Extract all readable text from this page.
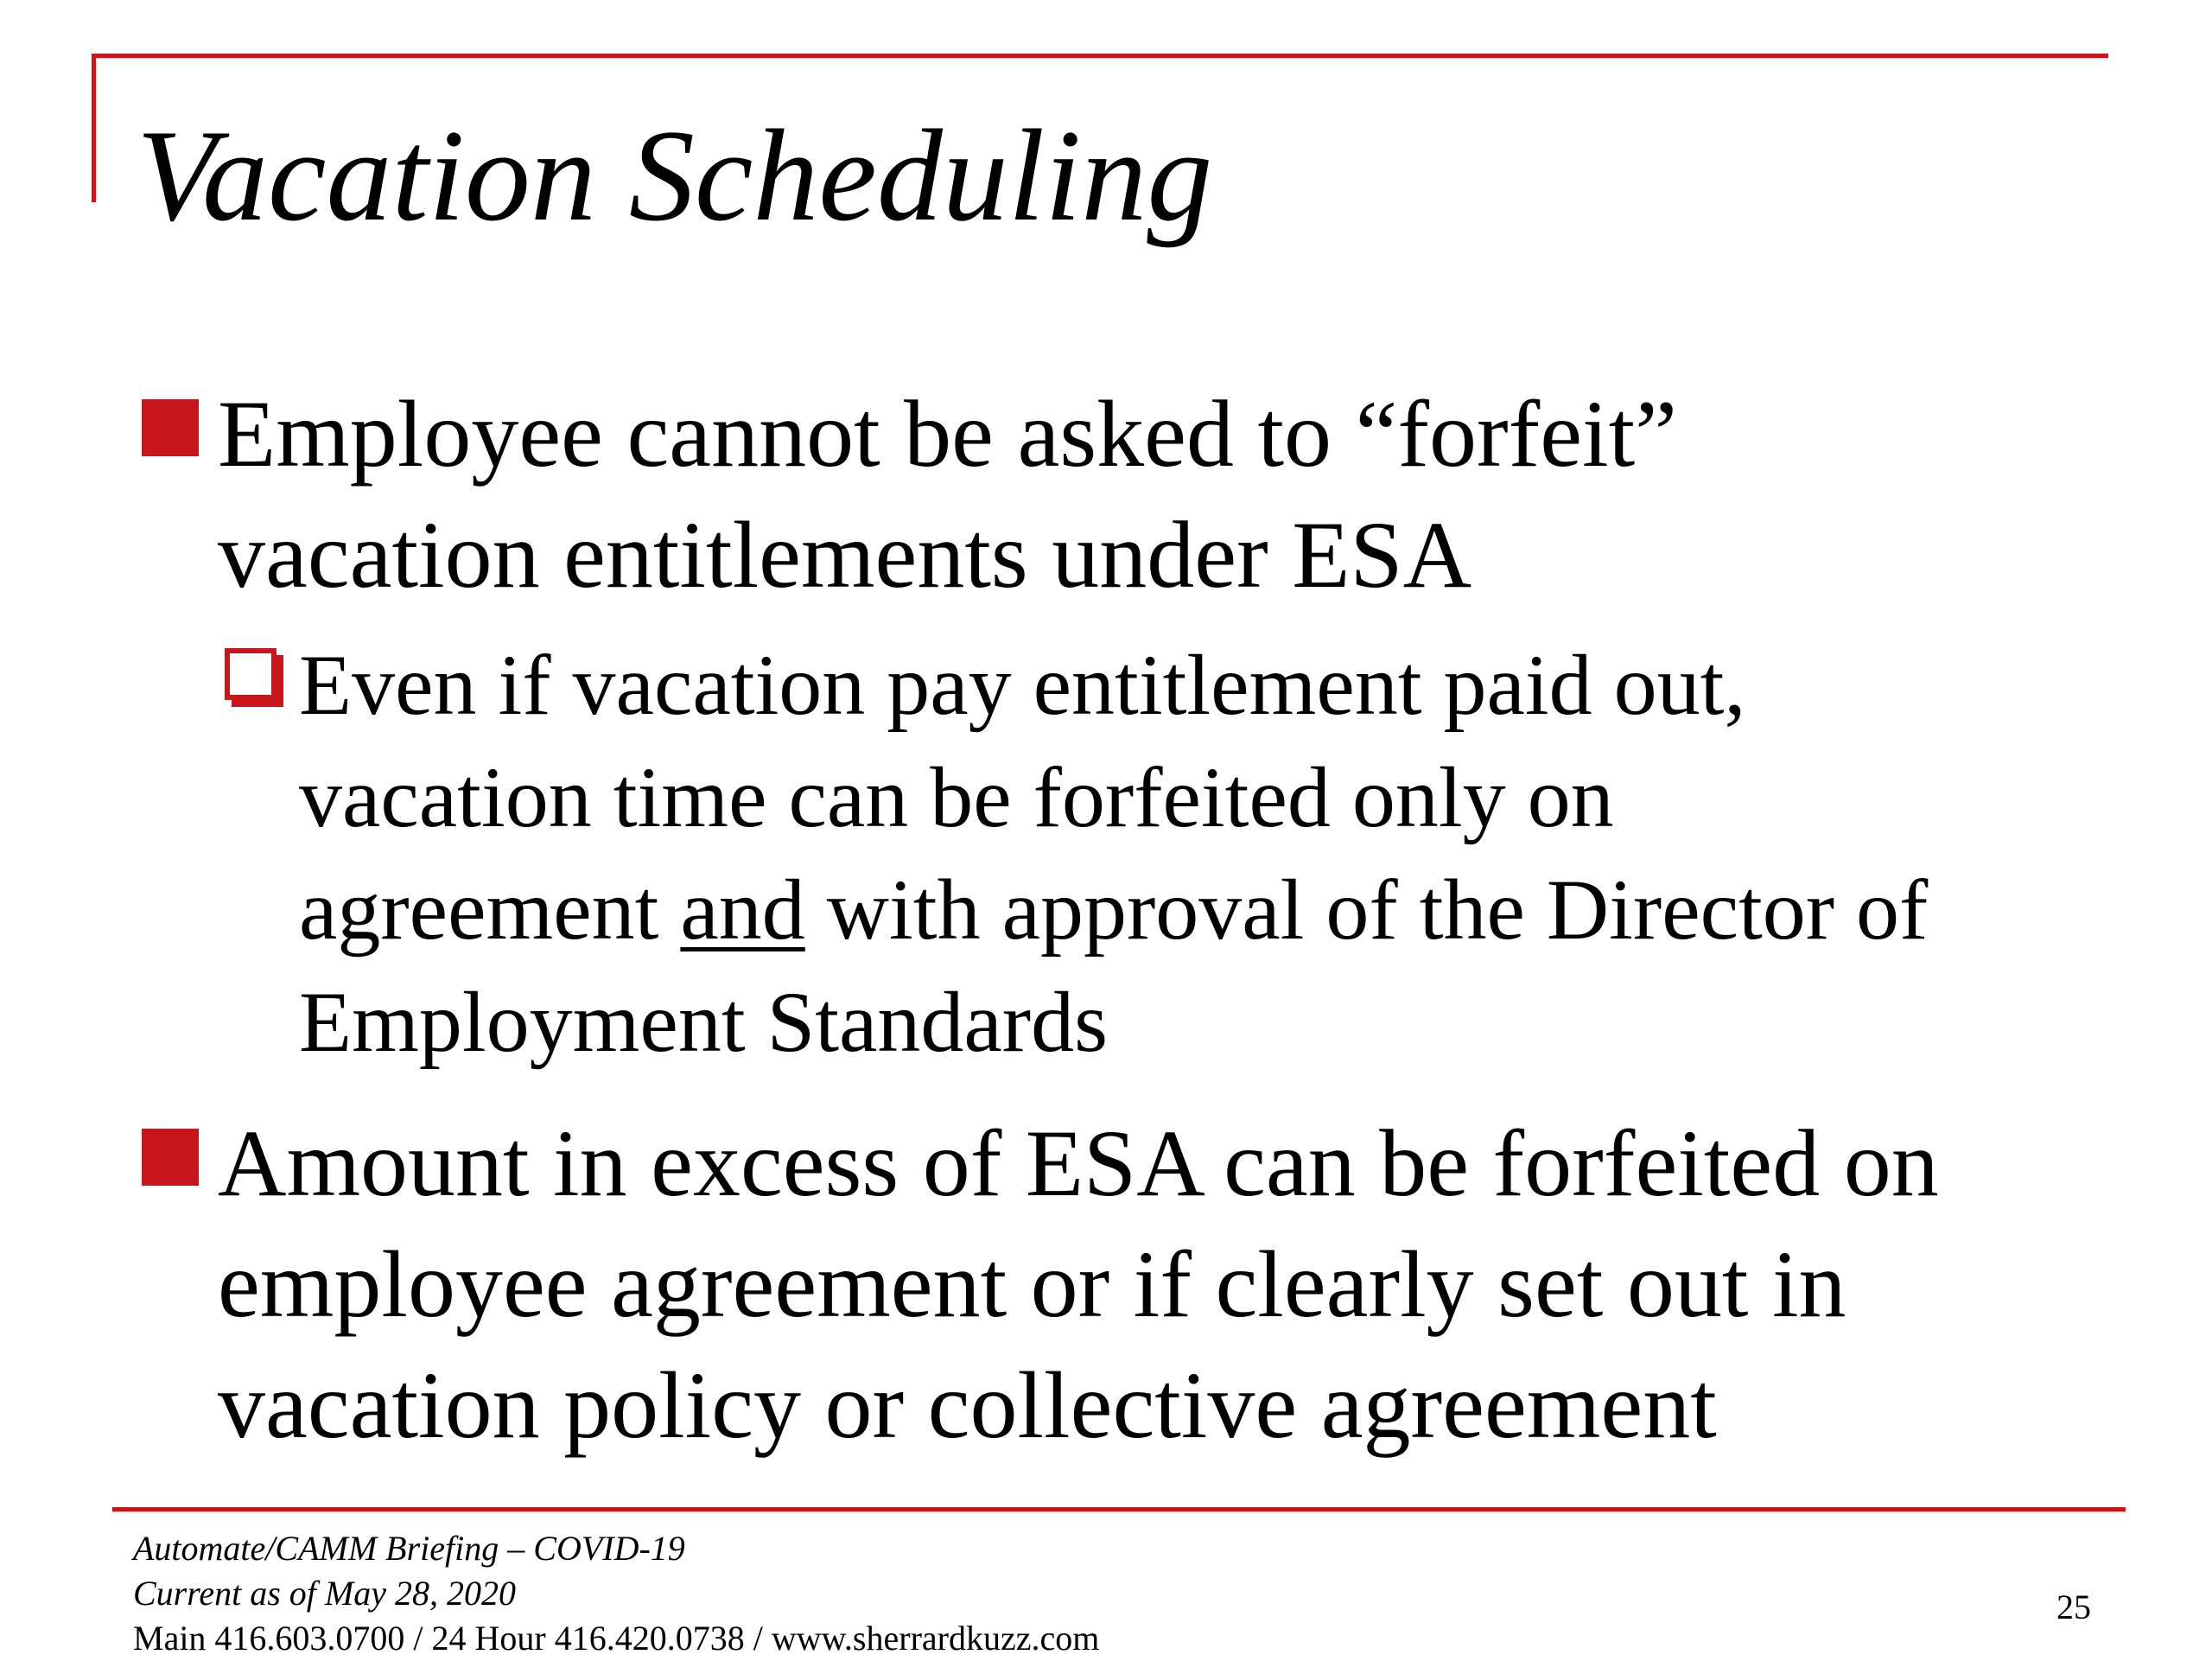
Vacation Scheduling
Employee cannot be asked to “forfeit”
vacation entitlements under ESA
Even if vacation pay entitlement paid out,
vacation time can be forfeited only on
agreement and with approval of the Director of
Employment Standards
Amount in excess of ESA can be forfeited on
employee agreement or if clearly set out in
vacation policy or collective agreement
Automate/CAMM Briefing – COVID-19
Current as of May 28, 2020
Main 416.603.0700 / 24 Hour 416.420.0738 / www.sherrardkuzz.com
25
